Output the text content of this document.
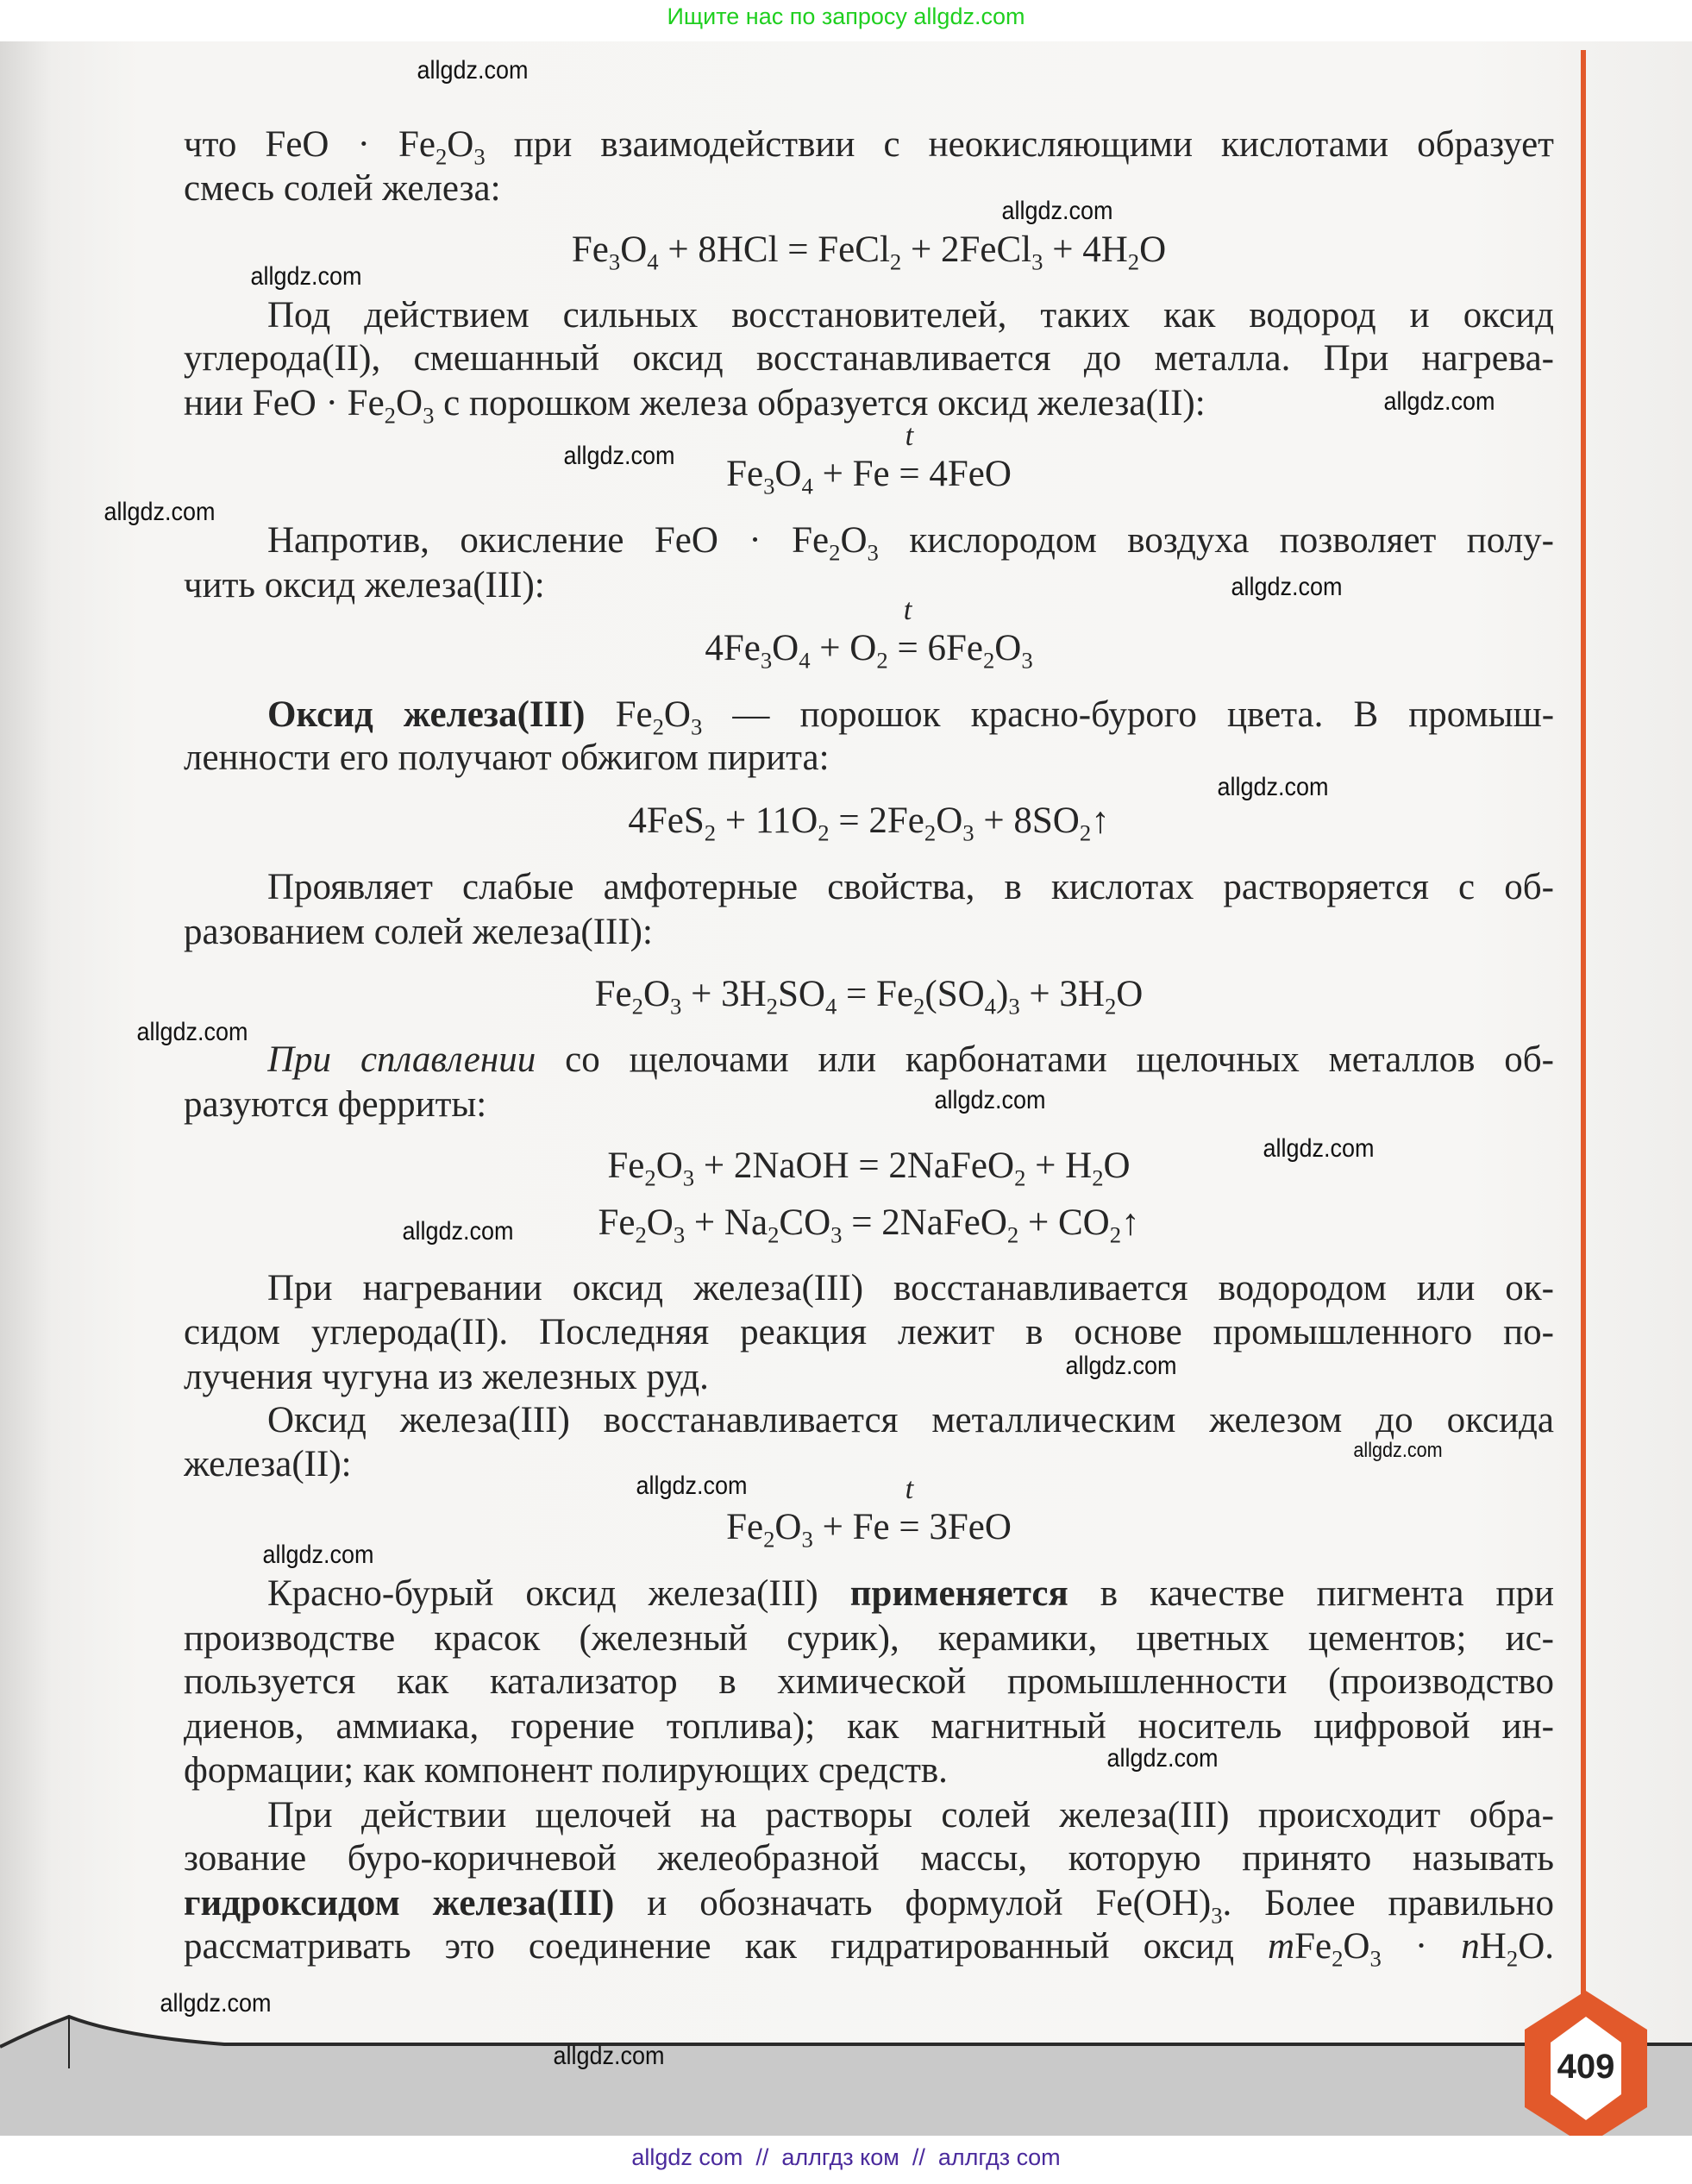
Ищите нас по запросу allgdz.com
409
что FeO · $Fe_2O_3$ при взаимодействии с неокисляющими кислотами образует
смесь солей железа:
$Fe_3O_4 + 8HCl$ = FeCl$_2$ + 2FeCl$_3$ + $4H_2O$
Под действием сильных восстановителей, таких как водород и оксид
углерода(II), смешанный оксид восстанавливается до металла. При нагрева-
нии FeO · $Fe_2O_3$ с порошком железа образуется оксид железа(II):
$Fe_3O_4 + Fe$
t
= 4FeO
Напротив, окисление FeO · $Fe_2O_3$ кислородом воздуха позволяет полу-
чить оксид железа(III):
$4Fe_3O_4 + O_2$
t
= $6Fe_2O_3$
Оксид железа(III) $Fe_2O_3$ — порошок красно-бурого цвета. В промыш-
ленности его получают обжигом пирита:
$4FeS_2 + 11O_2 = 2Fe_2O_3$ + $8SO_2↑$
Проявляет слабые амфотерные свойства, в кислотах растворяется с об-
разованием солей железа(III):
$Fe_2O_3 + 3H_2SO_4 = Fe_2(SO_4)_3 + 3H_2O$
При сплавлении со щелочами или карбонатами щелочных металлов об-
разуются ферриты:
$Fe_2O_3$ + 2NaOH = 2NaFeO$_2$ + $H_2O$
$Fe_2O_3 + Na_2CO_3$ = 2NaFeO$_2$ + $CO_2↑$
При нагревании оксид железа(III) восстанавливается водородом или ок-
сидом углерода(II). Последняя реакция лежит в основе промышленного по-
лучения чугуна из железных руд.
Оксид железа(III) восстанавливается металлическим железом до оксида
железа(II):
$Fe_2O_3 + Fe$
t
= 3FeO
Красно-бурый оксид железа(III) применяется в качестве пигмента при
производстве красок (железный сурик), керамики, цветных цементов; ис-
пользуется как катализатор в химической промышленности (производство
диенов, аммиака, горение топлива); как магнитный носитель цифровой ин-
формации; как компонент полирующих средств.
При действии щелочей на растворы солей железа(III) происходит обра-
зование буро-коричневой желеобразной массы, которую принято называть
гидроксидом железа(III) и обозначать формулой $Fe(OH)_3$. Более правильно
рассматривать это соединение как гидратированный оксид $mFe_2O_3 \cdot nH_2O$.
allgdz.com
allgdz.com
allgdz.com
allgdz.com
allgdz.com
allgdz.com
allgdz.com
allgdz.com
allgdz.com
allgdz.com
allgdz.com
allgdz.com
allgdz.com
allgdz.com
allgdz.com
allgdz.com
allgdz.com
allgdz.com
allgdz.com
allgdz com  //  аллгдз ком  //  аллгдз com
